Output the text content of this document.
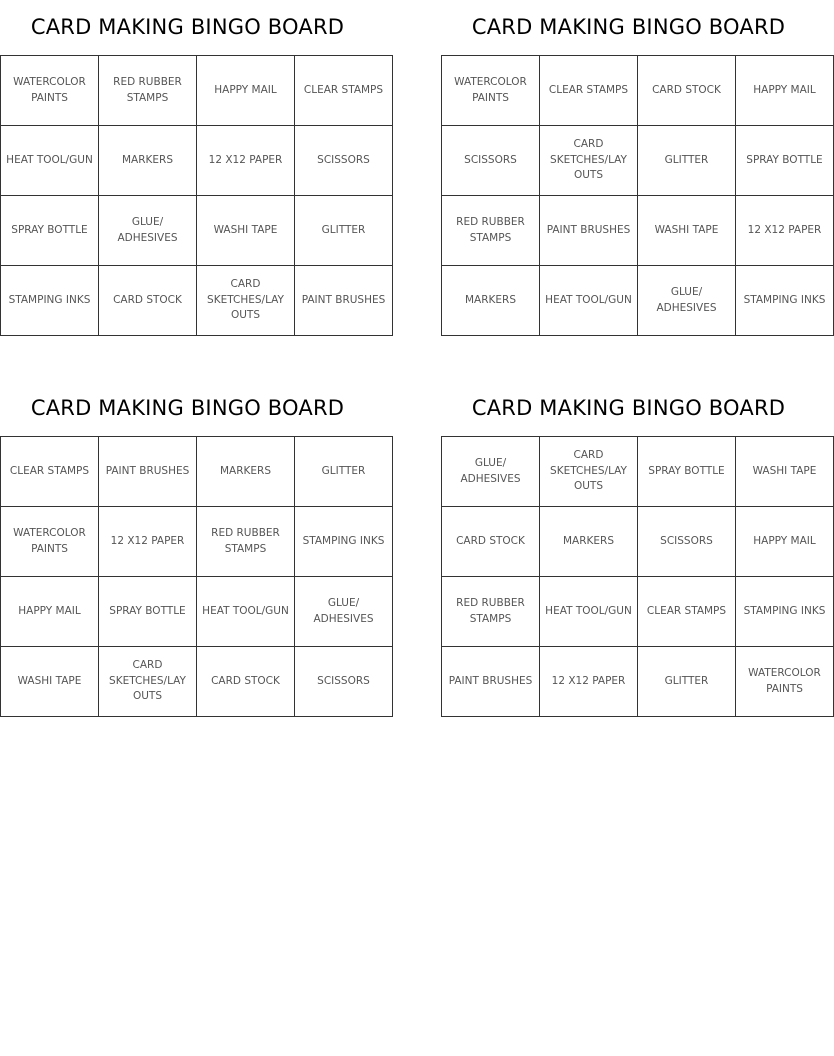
CARD MAKING BINGO BOARD
WATERCOLOR PAINTS	RED RUBBER STAMPS	HAPPY MAIL	CLEAR STAMPS
HEAT TOOL/GUN	MARKERS	12 X12 PAPER	SCISSORS
SPRAY BOTTLE	GLUE/ ADHESIVES	WASHI TAPE	GLITTER
STAMPING INKS	CARD STOCK	CARD SKETCHES/LAY OUTS	PAINT BRUSHES
CARD MAKING BINGO BOARD
WATERCOLOR PAINTS	CLEAR STAMPS	CARD STOCK	HAPPY MAIL
SCISSORS	CARD SKETCHES/LAY OUTS	GLITTER	SPRAY BOTTLE
RED RUBBER STAMPS	PAINT BRUSHES	WASHI TAPE	12 X12 PAPER
MARKERS	HEAT TOOL/GUN	GLUE/ ADHESIVES	STAMPING INKS
CARD MAKING BINGO BOARD
CLEAR STAMPS	PAINT BRUSHES	MARKERS	GLITTER
WATERCOLOR PAINTS	12 X12 PAPER	RED RUBBER STAMPS	STAMPING INKS
HAPPY MAIL	SPRAY BOTTLE	HEAT TOOL/GUN	GLUE/ ADHESIVES
WASHI TAPE	CARD SKETCHES/LAY OUTS	CARD STOCK	SCISSORS
CARD MAKING BINGO BOARD
GLUE/ ADHESIVES	CARD SKETCHES/LAY OUTS	SPRAY BOTTLE	WASHI TAPE
CARD STOCK	MARKERS	SCISSORS	HAPPY MAIL
RED RUBBER STAMPS	HEAT TOOL/GUN	CLEAR STAMPS	STAMPING INKS
PAINT BRUSHES	12 X12 PAPER	GLITTER	WATERCOLOR PAINTS
